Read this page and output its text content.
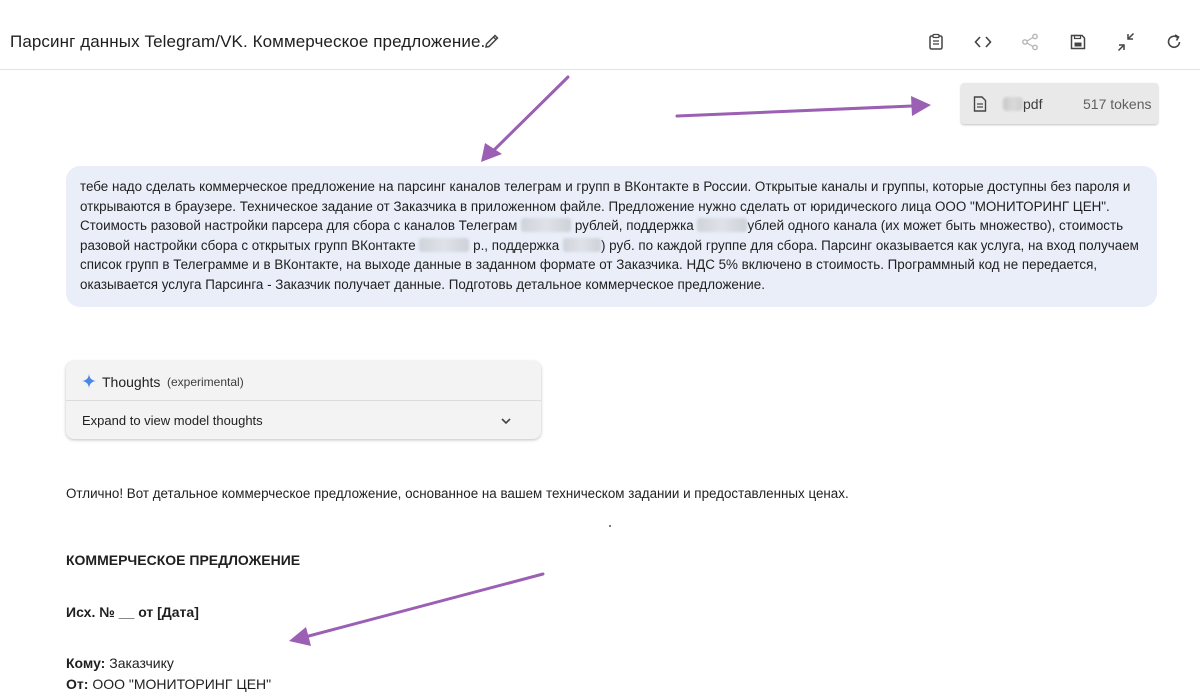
Парсинг данных Telegram/VK. Коммерческое предложение.
pdf	517 tokens
тебе надо сделать коммерческое предложение на парсинг каналов телеграм и групп в ВКонтакте в России. Открытые каналы и группы, которые доступны без пароля и открываются в браузере. Техническое задание от Заказчика в приложенном файле. Предложение нужно сделать от юридического лица ООО "МОНИТОРИНГ ЦЕН". Стоимость разовой настройки парсера для сбора с каналов Телеграм	рублей, поддержка	ублей одного канала (их может быть множество), стоимость разовой настройки сбора с открытых групп ВКонтакте	р., поддержка	) руб. по каждой группе для сбора. Парсинг оказывается как услуга, на вход получаем список групп в Телеграмме и в ВКонтакте, на выходе данные в заданном формате от Заказчика. НДС 5% включено в стоимость. Программный код не передается, оказывается услуга Парсинга - Заказчик получает данные. Подготовь детальное коммерческое предложение.
Thoughts (experimental)
Expand to view model thoughts
Отлично! Вот детальное коммерческое предложение, основанное на вашем техническом задании и предоставленных ценах.
КОММЕРЧЕСКОЕ ПРЕДЛОЖЕНИЕ
Исх. № __ от [Дата]
Кому: Заказчику
От: ООО "МОНИТОРИНГ ЦЕН"
